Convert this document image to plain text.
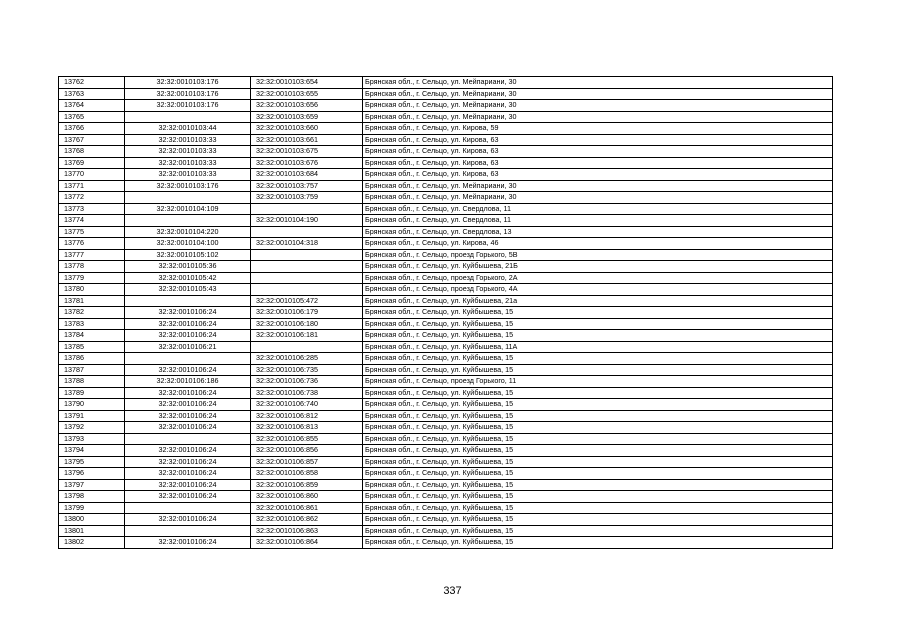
13762	32:32:0010103:176	32:32:0010103:654	Брянская обл., г. Сельцо, ул. Мейпариани, 30
13763	32:32:0010103:176	32:32:0010103:655	Брянская обл., г. Сельцо, ул. Мейпариани, 30
13764	32:32:0010103:176	32:32:0010103:656	Брянская обл., г. Сельцо, ул. Мейпариани, 30
13765		32:32:0010103:659	Брянская обл., г. Сельцо, ул. Мейпариани, 30
13766	32:32:0010103:44	32:32:0010103:660	Брянская обл., г. Сельцо, ул. Кирова, 59
13767	32:32:0010103:33	32:32:0010103:661	Брянская обл., г. Сельцо, ул. Кирова, 63
13768	32:32:0010103:33	32:32:0010103:675	Брянская обл., г. Сельцо, ул. Кирова, 63
13769	32:32:0010103:33	32:32:0010103:676	Брянская обл., г. Сельцо, ул. Кирова, 63
13770	32:32:0010103:33	32:32:0010103:684	Брянская обл., г. Сельцо, ул. Кирова, 63
13771	32:32:0010103:176	32:32:0010103:757	Брянская обл., г. Сельцо, ул. Мейпариани, 30
13772		32:32:0010103:759	Брянская обл., г. Сельцо, ул. Мейпариани, 30
13773	32:32:0010104:109		Брянская обл., г. Сельцо, ул. Свердлова, 11
13774		32:32:0010104:190	Брянская обл., г. Сельцо, ул. Свердлова, 11
13775	32:32:0010104:220		Брянская обл., г. Сельцо, ул. Свердлова, 13
13776	32:32:0010104:100	32:32:0010104:318	Брянская обл., г. Сельцо, ул. Кирова, 46
13777	32:32:0010105:102		Брянская обл., г. Сельцо, проезд Горького, 5В
13778	32:32:0010105:36		Брянская обл., г. Сельцо, ул. Куйбышева, 21Б
13779	32:32:0010105:42		Брянская обл., г. Сельцо, проезд Горького, 2А
13780	32:32:0010105:43		Брянская обл., г. Сельцо, проезд Горького, 4А
13781		32:32:0010105:472	Брянская обл., г. Сельцо, ул. Куйбышева, 21а
13782	32:32:0010106:24	32:32:0010106:179	Брянская обл., г. Сельцо, ул. Куйбышева, 15
13783	32:32:0010106:24	32:32:0010106:180	Брянская обл., г. Сельцо, ул. Куйбышева, 15
13784	32:32:0010106:24	32:32:0010106:181	Брянская обл., г. Сельцо, ул. Куйбышева, 15
13785	32:32:0010106:21		Брянская обл., г. Сельцо, ул. Куйбышева, 11А
13786		32:32:0010106:285	Брянская обл., г. Сельцо, ул. Куйбышева, 15
13787	32:32:0010106:24	32:32:0010106:735	Брянская обл., г. Сельцо, ул. Куйбышева, 15
13788	32:32:0010106:186	32:32:0010106:736	Брянская обл., г. Сельцо, проезд Горького, 11
13789	32:32:0010106:24	32:32:0010106:738	Брянская обл., г. Сельцо, ул. Куйбышева, 15
13790	32:32:0010106:24	32:32:0010106:740	Брянская обл., г. Сельцо, ул. Куйбышева, 15
13791	32:32:0010106:24	32:32:0010106:812	Брянская обл., г. Сельцо, ул. Куйбышева, 15
13792	32:32:0010106:24	32:32:0010106:813	Брянская обл., г. Сельцо, ул. Куйбышева, 15
13793		32:32:0010106:855	Брянская обл., г. Сельцо, ул. Куйбышева, 15
13794	32:32:0010106:24	32:32:0010106:856	Брянская обл., г. Сельцо, ул. Куйбышева, 15
13795	32:32:0010106:24	32:32:0010106:857	Брянская обл., г. Сельцо, ул. Куйбышева, 15
13796	32:32:0010106:24	32:32:0010106:858	Брянская обл., г. Сельцо, ул. Куйбышева, 15
13797	32:32:0010106:24	32:32:0010106:859	Брянская обл., г. Сельцо, ул. Куйбышева, 15
13798	32:32:0010106:24	32:32:0010106:860	Брянская обл., г. Сельцо, ул. Куйбышева, 15
13799		32:32:0010106:861	Брянская обл., г. Сельцо, ул. Куйбышева, 15
13800	32:32:0010106:24	32:32:0010106:862	Брянская обл., г. Сельцо, ул. Куйбышева, 15
13801		32:32:0010106:863	Брянская обл., г. Сельцо, ул. Куйбышева, 15
13802	32:32:0010106:24	32:32:0010106:864	Брянская обл., г. Сельцо, ул. Куйбышева, 15
337
